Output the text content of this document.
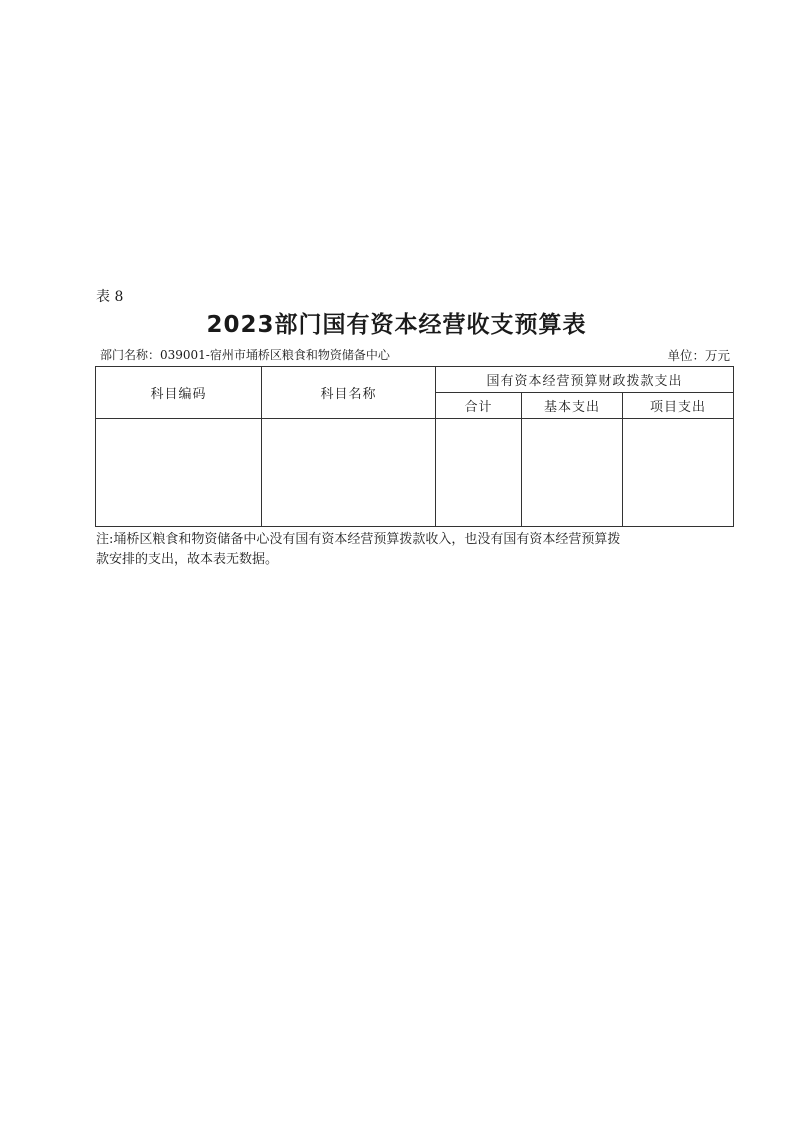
表 8
2023部门国有资本经营收支预算表
部门名称：039001-宿州市埇桥区粮食和物资储备中心	单位：万元
科目编码	科目名称	国有资本经营预算财政拨款支出		
		合计	基本支出	项目支出

注:埇桥区粮食和物资储备中心没有国有资本经营预算拨款收入，也没有国有资本经营预算拨
款安排的支出，故本表无数据。
